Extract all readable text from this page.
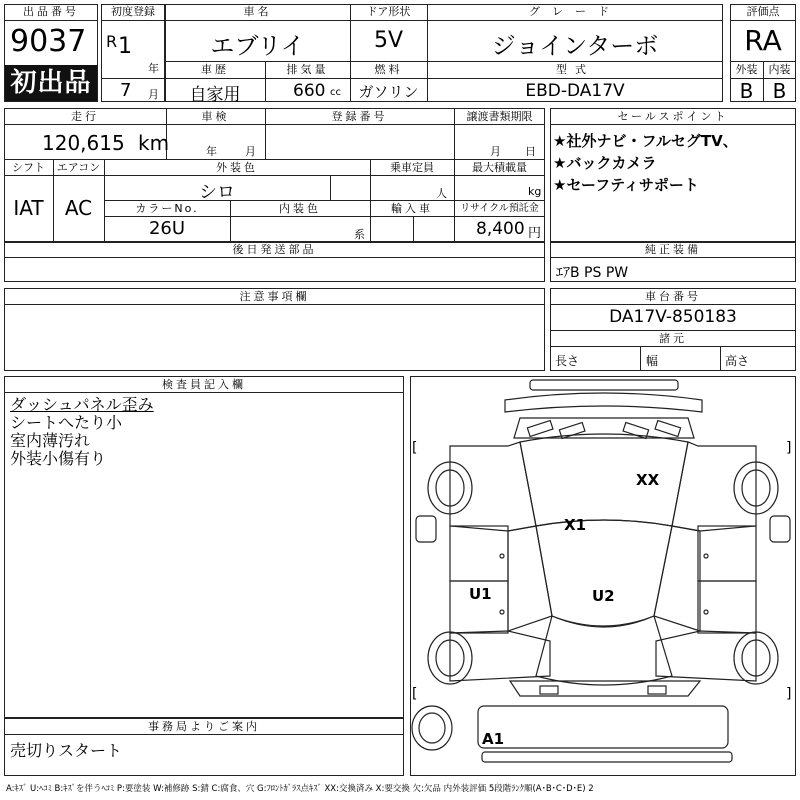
出品番号
9037
初出品
初度登録
R 1
年
7 月
車名
エブリイ
ドア形状
5V
グレード
ジョインターボ
車歴
自家用
排気量
660 cc
燃料
ガソリン
型式
EBD-DA17V
評価点
RA
外装	内装
B B
走行
120,615 km
車検
年	月
登録番号	譲渡書類期限
月 日
シフト
IAT
エアコン
AC
外装色
シロ
乗車定員
人
最大積載量
kg
カラーNo.
26U
内装色
系
輸入車	リサイクル預託金
8,400 円
後日発送部品
注意事項欄
セールスポイント
★社外ナビ・フルセグTV、
★バックカメラ
★セーフティサポート
純正装備
ｴｱB PS PW
車台番号
DA17V-850183
諸元
長さ	幅	高さ
検査員記入欄
ダッシュパネル歪み
シートへたり小
室内薄汚れ
外装小傷有り
事務局よりご案内
売切りスタート
[	]
[	]
XX
X1
U1	U2
A1
A:ｷｽﾞ U:ﾍｺﾐ B:ｷｽﾞを伴うﾍｺﾐ P:要塗装 W:補修跡 S:錆 C:腐食、穴 G:ﾌﾛﾝﾄｶﾞﾗｽ点ｷｽﾞ XX:交換済み X:要交換 欠:欠品 内外装評価 5段階ﾗﾝｸ順(A･B･C･D･E) 2
